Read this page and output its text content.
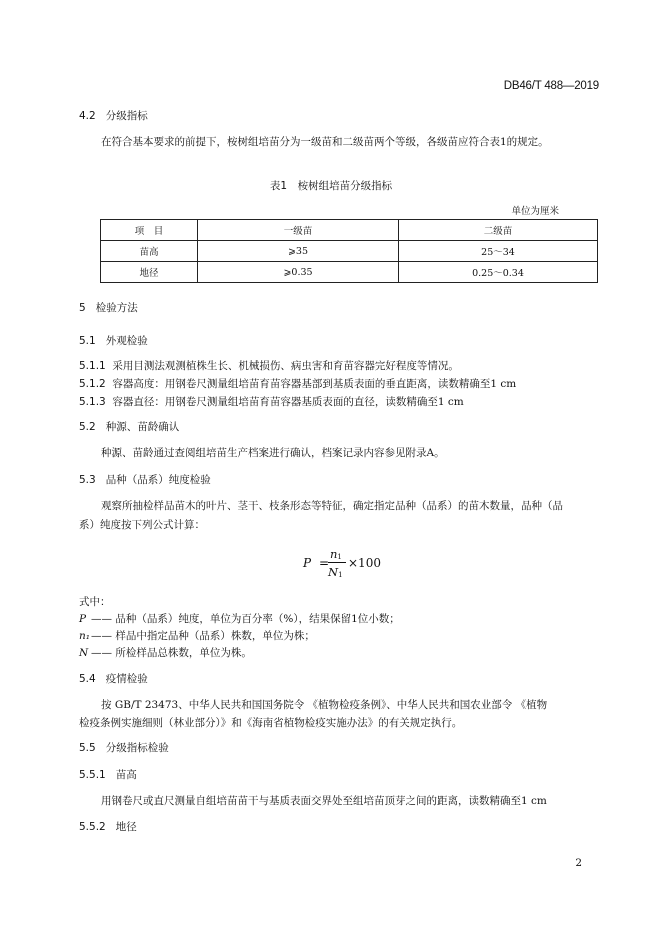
DB46/T 488—2019
4.2 分级指标
在符合基本要求的前提下，桉树组培苗分为一级苗和二级苗两个等级，各级苗应符合表1的规定。
表1　桉树组培苗分级指标
单位为厘米
项　目	一级苗	二级苗
苗高	⩾35	25～34
地径	⩾0.35	0.25～0.34
5 检验方法
5.1 外观检验
5.1.1 采用目测法观测植株生长、机械损伤、病虫害和育苗容器完好程度等情况。
5.1.2 容器高度：用钢卷尺测量组培苗育苗容器基部到基质表面的垂直距离，读数精确至1 cm
5.1.3 容器直径：用钢卷尺测量组培苗育苗容器基质表面的直径，读数精确至1 cm
5.2 种源、苗龄确认
种源、苗龄通过查阅组培苗生产档案进行确认，档案记录内容参见附录A。
5.3 品种（品系）纯度检验
观察所抽检样品苗木的叶片、茎干、枝条形态等特征，确定指定品种（品系）的苗木数量，品种（品
系）纯度按下列公式计算：
P =
n1
N1
×100
式中：
P —— 品种（品系）纯度，单位为百分率（%），结果保留1位小数；
n₁—— 样品中指定品种（品系）株数，单位为株；
N —— 所检样品总株数，单位为株。
5.4 疫情检验
按 GB/T 23473、中华人民共和国国务院令 《植物检疫条例》、中华人民共和国农业部令 《植物
检疫条例实施细则（林业部分）》和《海南省植物检疫实施办法》的有关规定执行。
5.5 分级指标检验
5.5.1 苗高
用钢卷尺或直尺测量自组培苗苗干与基质表面交界处至组培苗顶芽之间的距离，读数精确至1 cm
5.5.2 地径
2
